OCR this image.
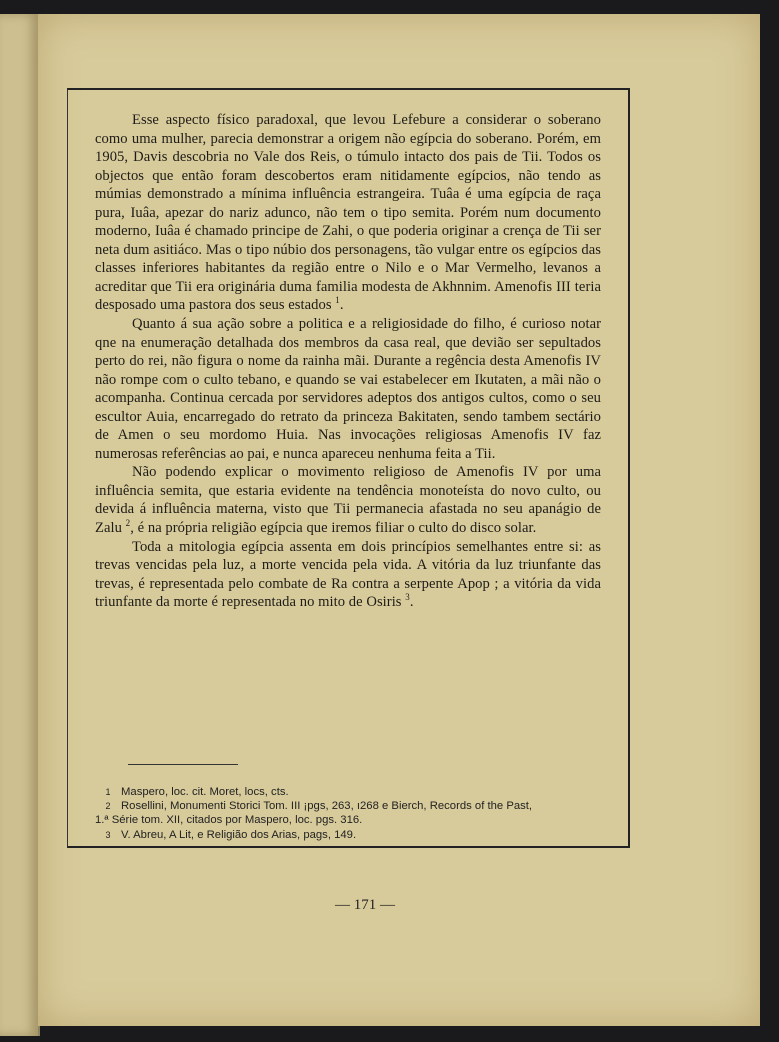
Esse aspecto físico paradoxal, que levou Lefebure a considerar o soberano como uma mulher, parecia demonstrar a origem não egípcia do soberano. Porém, em 1905, Davis descobria no Vale dos Reis, o túmulo intacto dos pais de Tii. Todos os objectos que então foram descobertos eram nitidamente egípcios, não tendo as múmias demonstrado a mínima influência estrangeira. Tuâa é uma egípcia de raça pura, Iuâa, apezar do nariz adunco, não tem o tipo semita. Porém num documento moderno, Iuâa é chamado principe de Zahi, o que poderia originar a crença de Tii ser neta dum asitiáco. Mas o tipo núbio dos personagens, tão vulgar entre os egípcios das classes inferiores habitantes da região entre o Nilo e o Mar Vermelho, levanos a acreditar que Tii era originária duma familia modesta de Akhnnim. Amenofis III teria desposado uma pastora dos seus estados $^1$.

Quanto á sua ação sobre a politica e a religiosidade do filho, é curioso notar qne na enumeração detalhada dos membros da casa real, que devião ser sepultados perto do rei, não figura o nome da rainha mãi. Durante a regência desta Amenofis IV não rompe com o culto tebano, e quando se vai estabelecer em Ikutaten, a mãi não o acompanha. Continua cercada por servidores adeptos dos antigos cultos, como o seu escultor Auia, encarregado do retrato da princeza Bakitaten, sendo tambem sectário de Amen o seu mordomo Huia. Nas invocações religiosas Amenofis IV faz numerosas referências ao pai, e nunca apareceu nenhuma feita a Tii.

Não podendo explicar o movimento religioso de Amenofis IV por uma influência semita, que estaria evidente na tendência monoteísta do novo culto, ou devida á influência materna, visto que Tii permanecia afastada no seu apanágio de Zalu $^2$, é na própria religião egípcia que iremos filiar o culto do disco solar.

Toda a mitologia egípcia assenta em dois princípios semelhantes entre si: as trevas vencidas pela luz, a morte vencida pela vida. A vitória da luz triunfante das trevas, é representada pelo combate de Ra contra a serpente Apop ; a vitória da vida triunfante da morte é representada no mito de Osiris $^3$.

1 Maspero, loc. cit. Moret, locs, cts.
2 Rosellini, Monumenti Storici Tom. III ¡pgs, 263, ı268 e Bierch, Records of the Past,
1.ª Série tom. XII, citados por Maspero, loc. pgs. 316.
3 V. Abreu, A Lit, e Religião dos Arias, pags, 149.
— 171 —
